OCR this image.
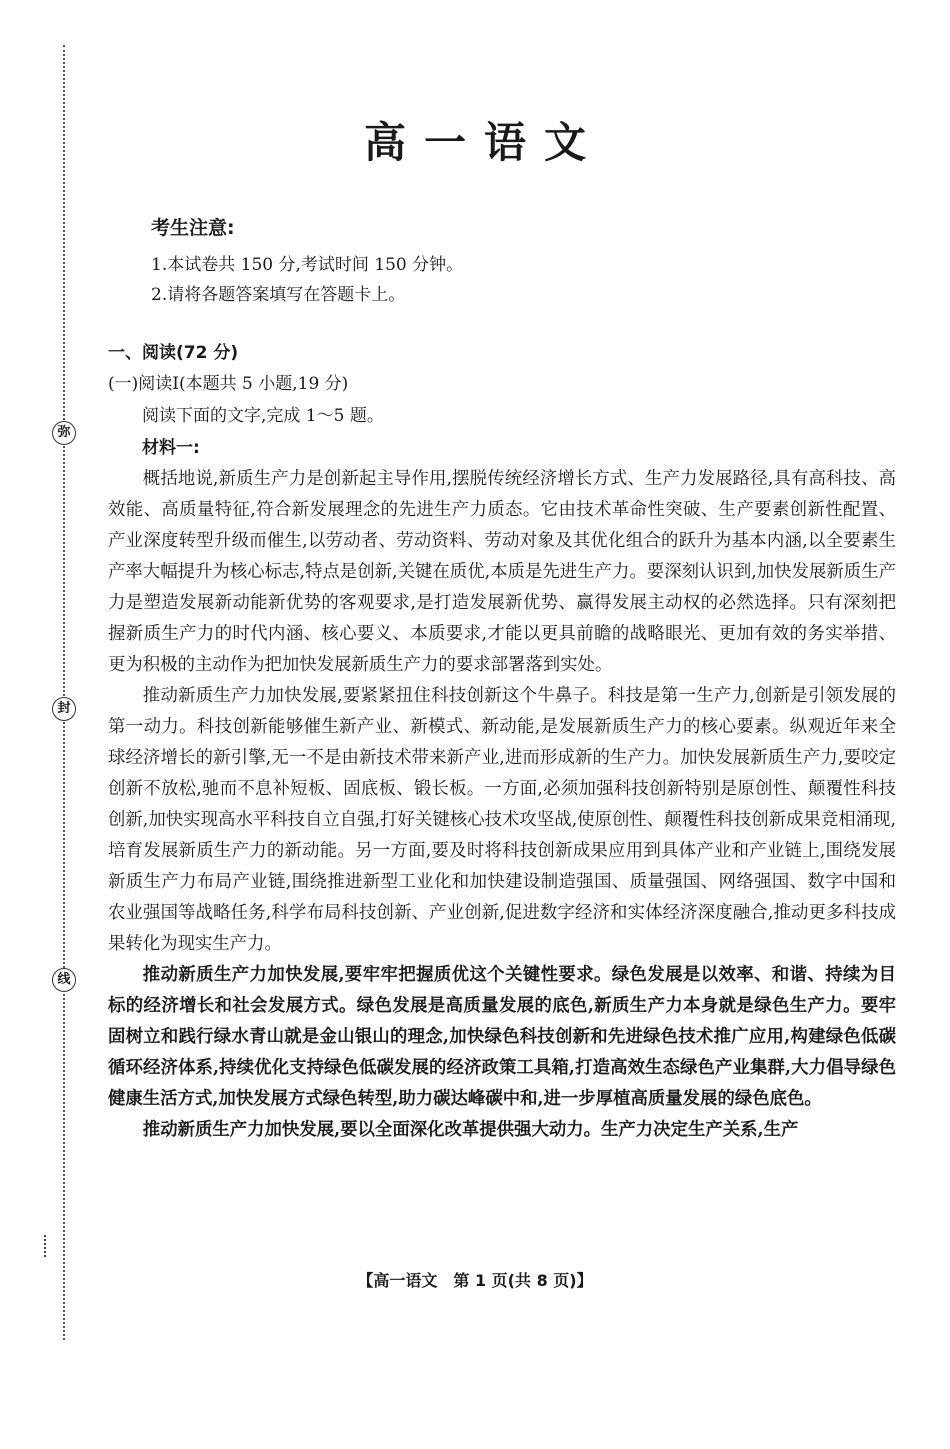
弥
封
线
高一语文
考生注意:
1.本试卷共 150 分,考试时间 150 分钟。
2.请将各题答案填写在答题卡上。
一、阅读(72 分)
(一)阅读Ⅰ(本题共 5 小题,19 分)
阅读下面的文字,完成 1～5 题。
材料一:

概括地说,新质生产力是创新起主导作用,摆脱传统经济增长方式、生产力发展路径,具有高科技、高效能、高质量特征,符合新发展理念的先进生产力质态。它由技术革命性突破、生产要素创新性配置、产业深度转型升级而催生,以劳动者、劳动资料、劳动对象及其优化组合的跃升为基本内涵,以全要素生产率大幅提升为核心标志,特点是创新,关键在质优,本质是先进生产力。要深刻认识到,加快发展新质生产力是塑造发展新动能新优势的客观要求,是打造发展新优势、赢得发展主动权的必然选择。只有深刻把握新质生产力的时代内涵、核心要义、本质要求,才能以更具前瞻的战略眼光、更加有效的务实举措、更为积极的主动作为把加快发展新质生产力的要求部署落到实处。

推动新质生产力加快发展,要紧紧扭住科技创新这个牛鼻子。科技是第一生产力,创新是引领发展的第一动力。科技创新能够催生新产业、新模式、新动能,是发展新质生产力的核心要素。纵观近年来全球经济增长的新引擎,无一不是由新技术带来新产业,进而形成新的生产力。加快发展新质生产力,要咬定创新不放松,驰而不息补短板、固底板、锻长板。一方面,必须加强科技创新特别是原创性、颠覆性科技创新,加快实现高水平科技自立自强,打好关键核心技术攻坚战,使原创性、颠覆性科技创新成果竞相涌现,培育发展新质生产力的新动能。另一方面,要及时将科技创新成果应用到具体产业和产业链上,围绕发展新质生产力布局产业链,围绕推进新型工业化和加快建设制造强国、质量强国、网络强国、数字中国和农业强国等战略任务,科学布局科技创新、产业创新,促进数字经济和实体经济深度融合,推动更多科技成果转化为现实生产力。

推动新质生产力加快发展,要牢牢把握质优这个关键性要求。绿色发展是以效率、和谐、持续为目标的经济增长和社会发展方式。绿色发展是高质量发展的底色,新质生产力本身就是绿色生产力。要牢固树立和践行绿水青山就是金山银山的理念,加快绿色科技创新和先进绿色技术推广应用,构建绿色低碳循环经济体系,持续优化支持绿色低碳发展的经济政策工具箱,打造高效生态绿色产业集群,大力倡导绿色健康生活方式,加快发展方式绿色转型,助力碳达峰碳中和,进一步厚植高质量发展的绿色底色。

推动新质生产力加快发展,要以全面深化改革提供强大动力。生产力决定生产关系,生产

【高一语文　第 1 页(共 8 页)】
